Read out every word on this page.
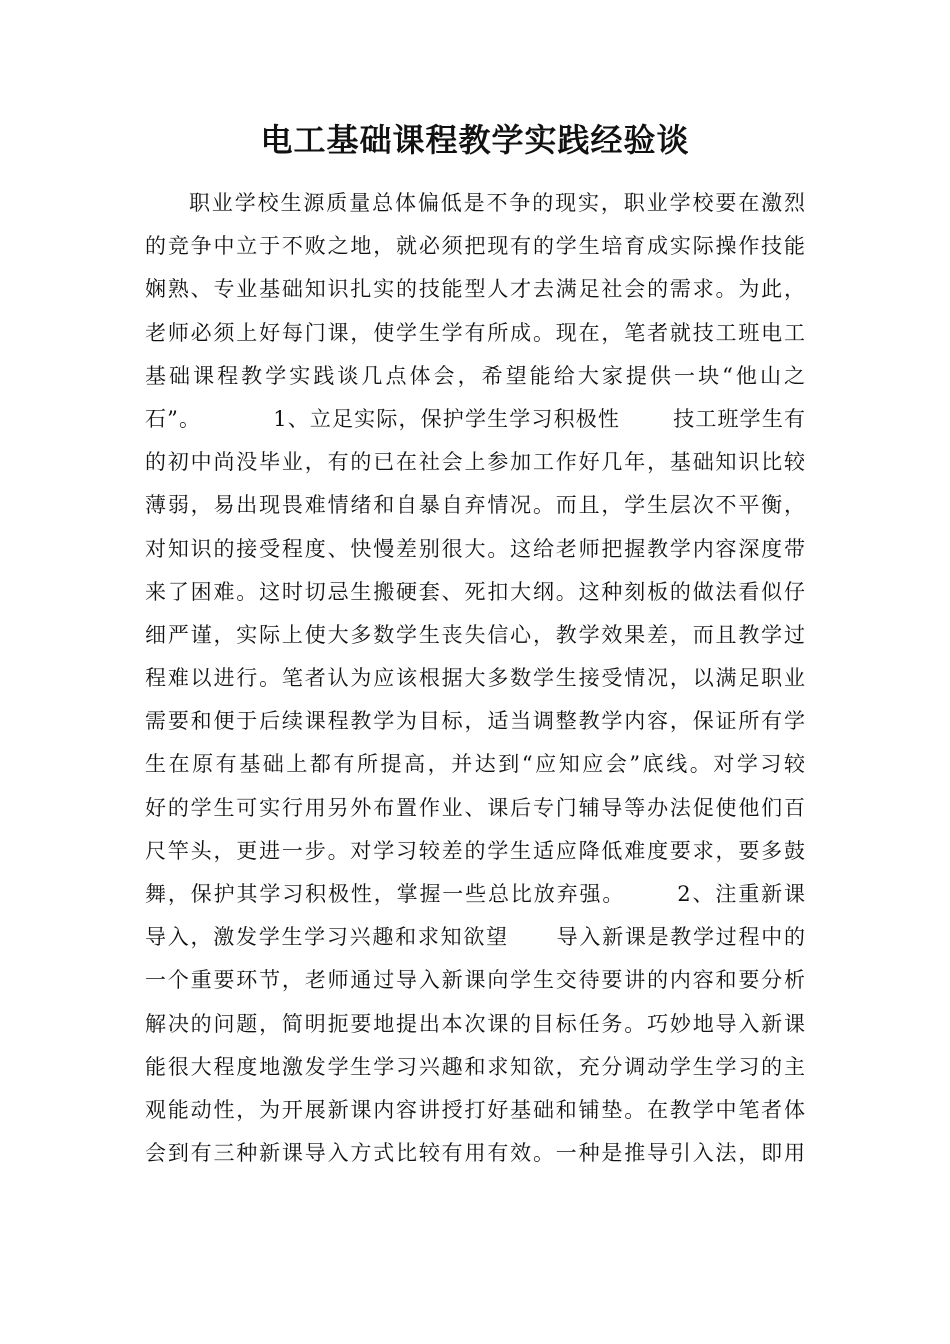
电工基础课程教学实践经验谈
职业学校生源质量总体偏低是不争的现实，职业学校要在激烈
的竞争中立于不败之地，就必须把现有的学生培育成实际操作技能
娴熟、专业基础知识扎实的技能型人才去满足社会的需求。为此，
老师必须上好每门课，使学生学有所成。现在，笔者就技工班电工
基础课程教学实践谈几点体会，希望能给大家提供一块“他山之
石”。	1、立足实际，保护学生学习积极性 技工班学生有
的初中尚没毕业，有的已在社会上参加工作好几年，基础知识比较
薄弱，易出现畏难情绪和自暴自弃情况。而且，学生层次不平衡，
对知识的接受程度、快慢差别很大。这给老师把握教学内容深度带
来了困难。这时切忌生搬硬套、死扣大纲。这种刻板的做法看似仔
细严谨，实际上使大多数学生丧失信心，教学效果差，而且教学过
程难以进行。笔者认为应该根据大多数学生接受情况，以满足职业
需要和便于后续课程教学为目标，适当调整教学内容，保证所有学
生在原有基础上都有所提高，并达到“应知应会”底线。对学习较
好的学生可实行用另外布置作业、课后专门辅导等办法促使他们百
尺竿头，更进一步。对学习较差的学生适应降低难度要求，要多鼓
舞，保护其学习积极性，掌握一些总比放弃强。 2、注重新课
导入，激发学生学习兴趣和求知欲望 导入新课是教学过程中的
一个重要环节，老师通过导入新课向学生交待要讲的内容和要分析
解决的问题，简明扼要地提出本次课的目标任务。巧妙地导入新课
能很大程度地激发学生学习兴趣和求知欲，充分调动学生学习的主
观能动性，为开展新课内容讲授打好基础和铺垫。在教学中笔者体
会到有三种新课导入方式比较有用有效。一种是推导引入法，即用
